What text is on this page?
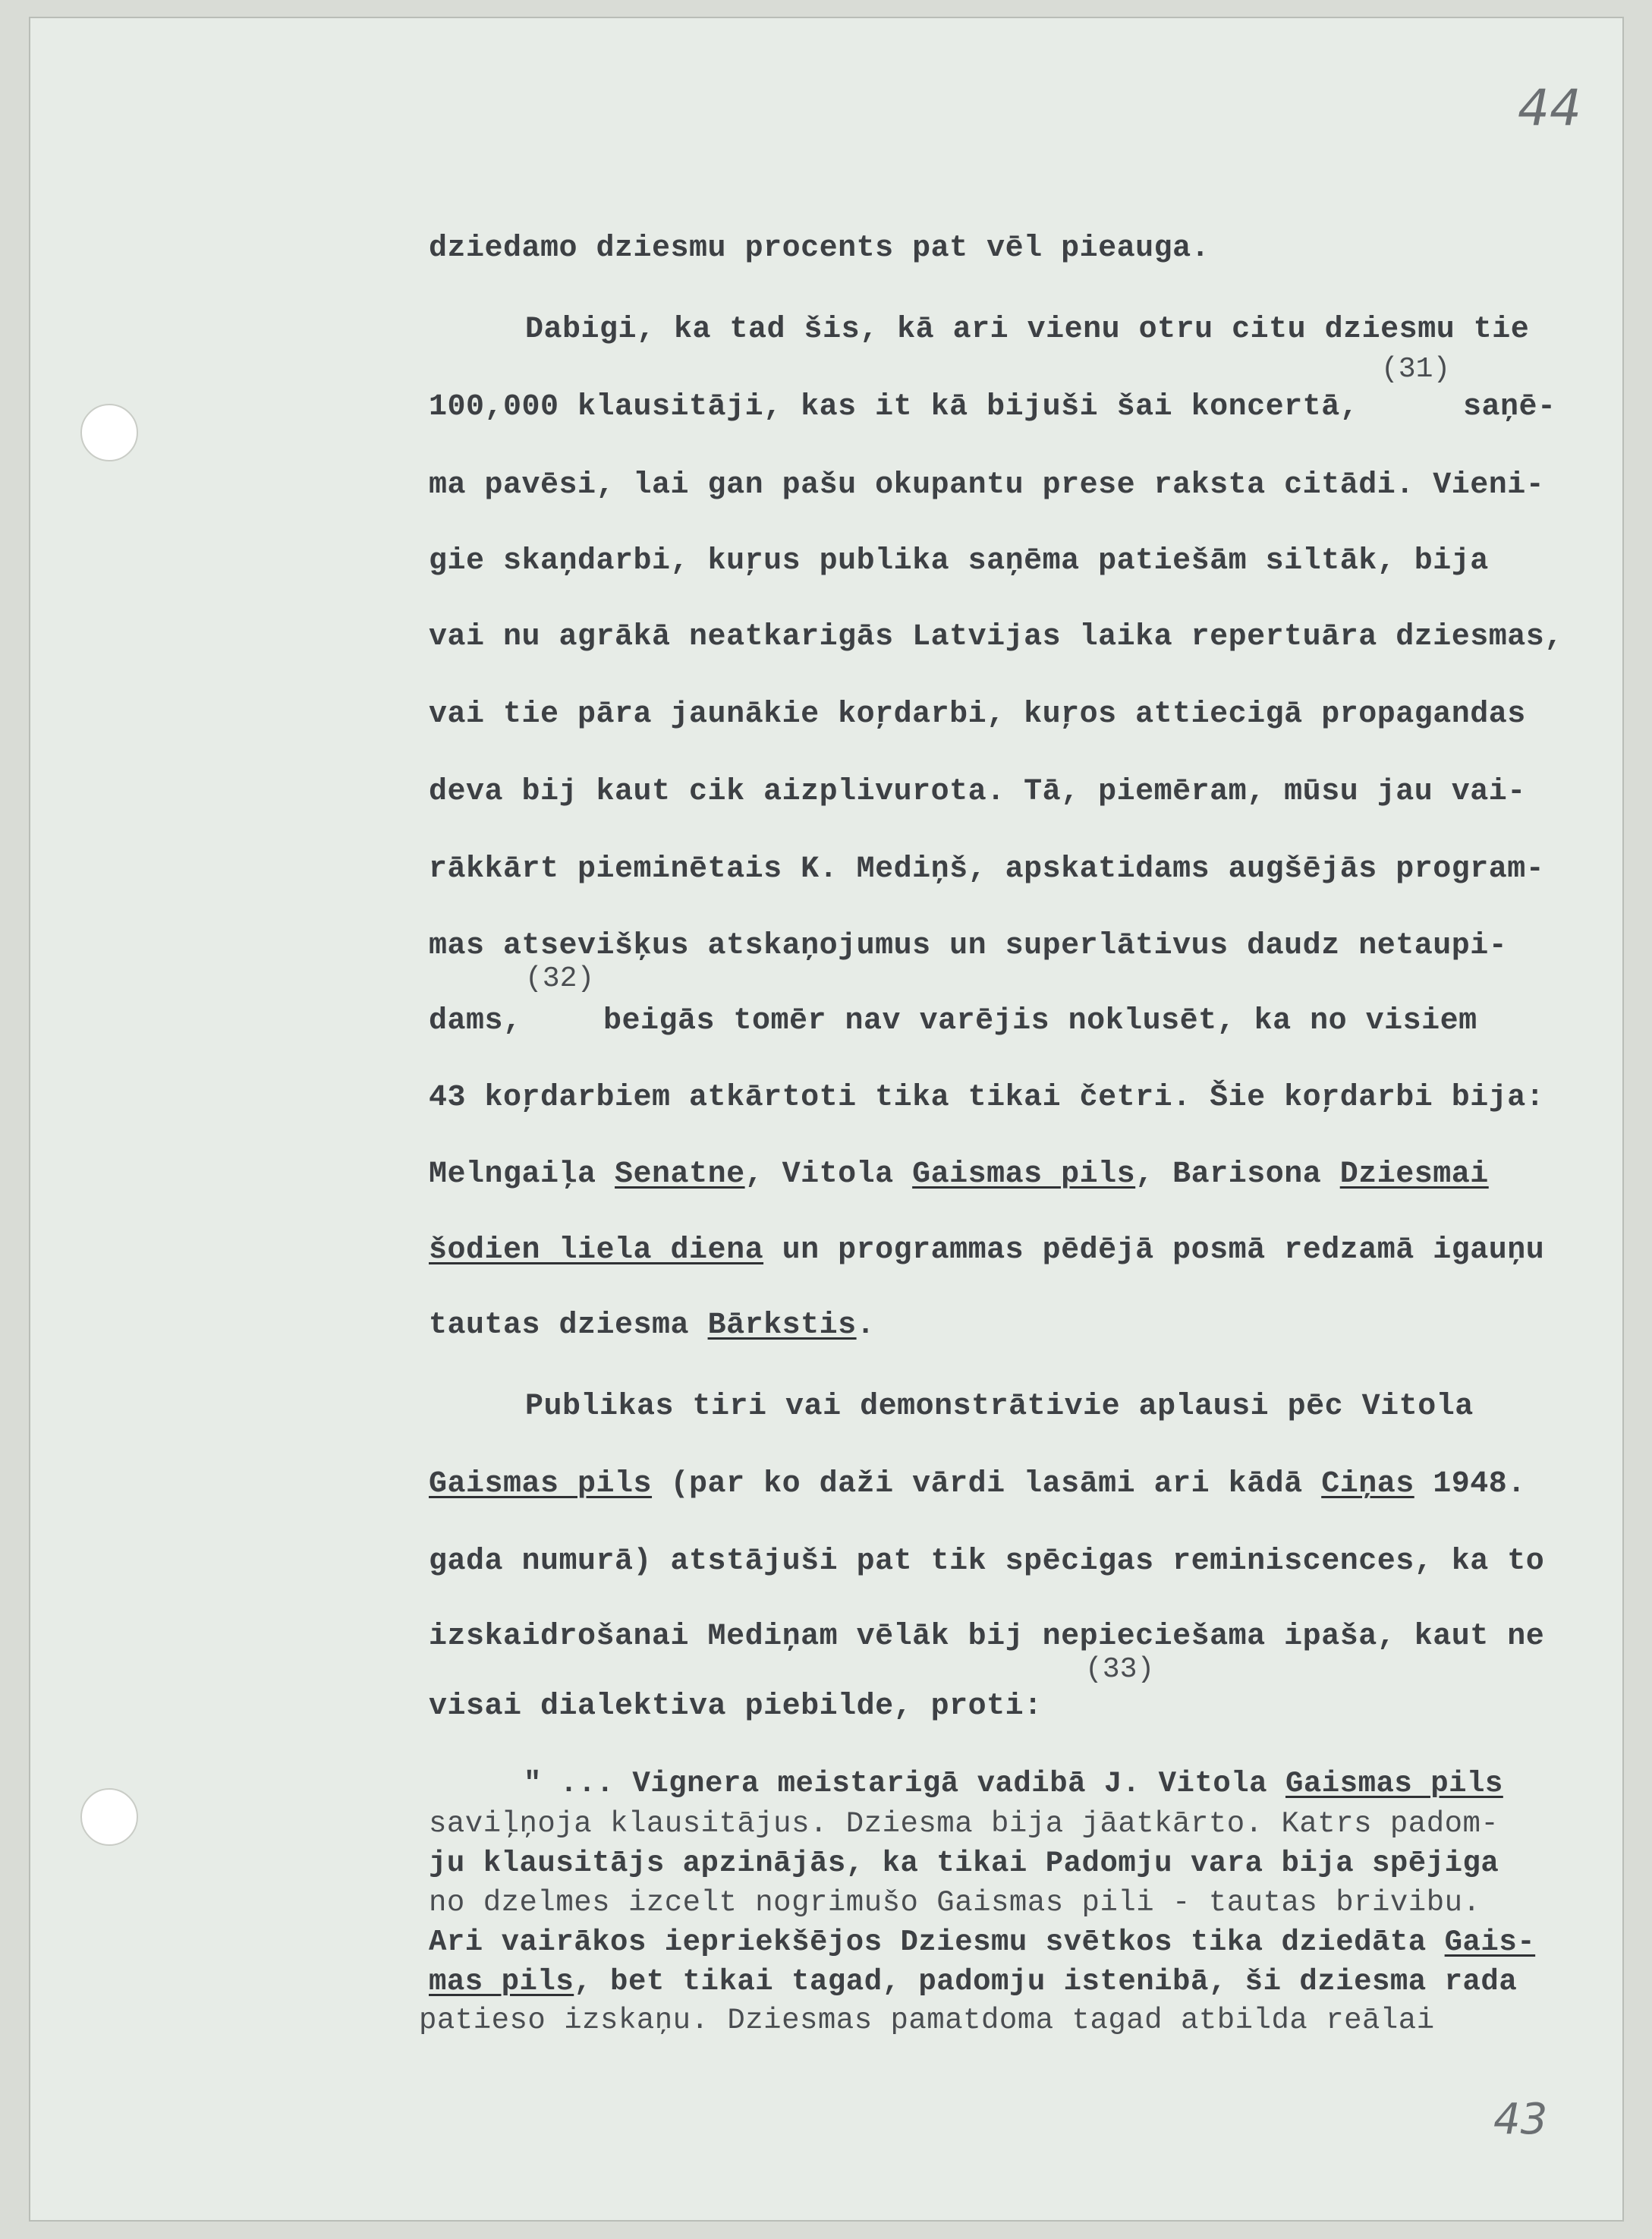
44
43

dziedamo dziesmu procents pat vēl pieauga.

Dabigi, ka tad šis, kā ari vienu otru citu dziesmu tie

(31)

100,000 klausitāji, kas it kā bijuši šai koncertā,	saņē-

ma pavēsi, lai gan pašu okupantu prese raksta citādi. Vieni-

gie skaņdarbi, kuŗus publika saņēma patiešām siltāk, bija

vai nu agrākā neatkarigās Latvijas laika repertuāra dziesmas,

vai tie pāra jaunākie koŗdarbi, kuŗos attiecigā propagandas

deva bij kaut cik aizplivurota. Tā, piemēram, mūsu jau vai-

rākkārt pieminētais K. Mediņš, apskatidams augšējās program-

mas atsevišķus atskaņojumus un superlātivus daudz netaupi-

(32)

dams,	beigās tomēr nav varējis noklusēt, ka no visiem

43 koŗdarbiem atkārtoti tika tikai četri. Šie koŗdarbi bija:

Melngaiļa Senatne, Vitola Gaismas pils, Barisona Dziesmai

šodien liela diena un programmas pēdējā posmā redzamā igauņu

tautas dziesma Bārkstis.

Publikas tiri vai demonstrātivie aplausi pēc Vitola

Gaismas pils (par ko daži vārdi lasāmi ari kādā Ciņas 1948.

gada numurā) atstājuši pat tik spēcigas reminiscences, ka to

izskaidrošanai Mediņam vēlāk bij nepieciešama ipaša, kaut ne

(33)

visai dialektiva piebilde, proti:

" ... Vignera meistarigā vadibā J. Vitola Gaismas pils

saviļņoja klausitājus. Dziesma bija jāatkārto. Katrs padom-

ju klausitājs apzinājās, ka tikai Padomju vara bija spējiga

no dzelmes izcelt nogrimušo Gaismas pili - tautas brivibu.

Ari vairākos iepriekšējos Dziesmu svētkos tika dziedāta Gais-

mas pils, bet tikai tagad, padomju istenibā, ši dziesma rada

patieso izskaņu. Dziesmas pamatdoma tagad atbilda reālai
